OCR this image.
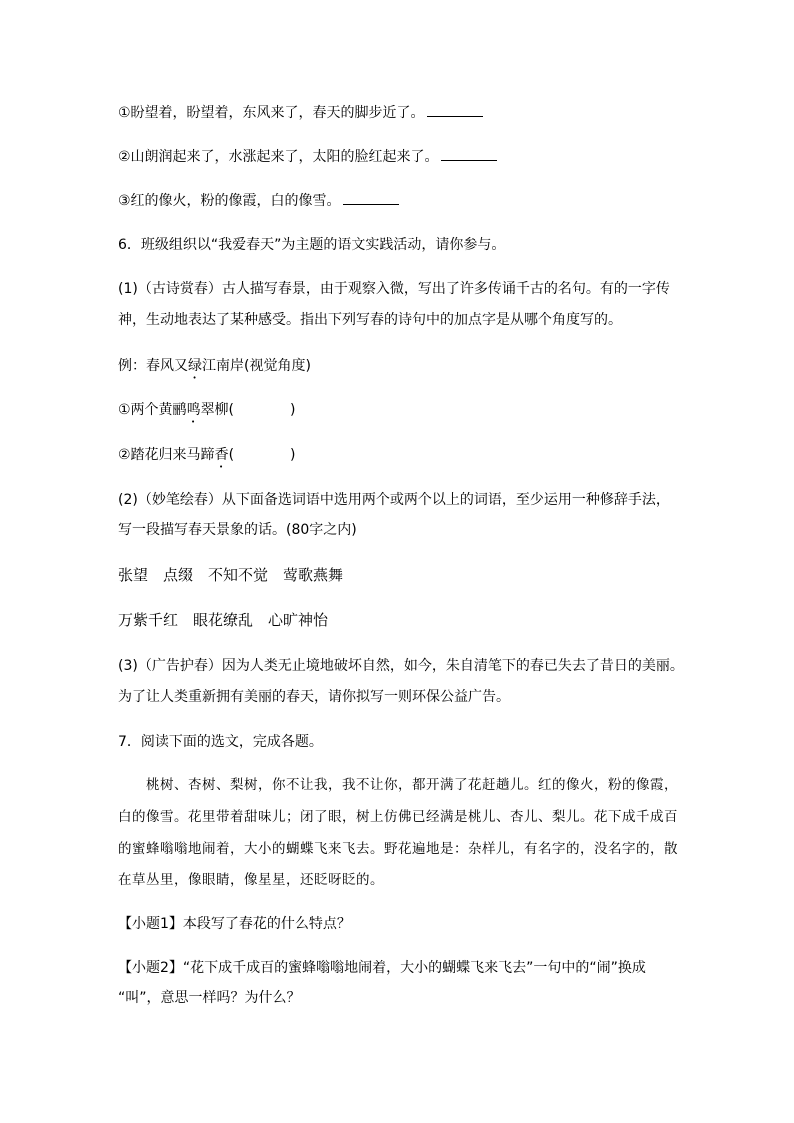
①盼望着，盼望着，东风来了，春天的脚步近了。
②山朗润起来了，水涨起来了，太阳的脸红起来了。
③红的像火，粉的像霞，白的像雪。
6．班级组织以“我爱春天”为主题的语文实践活动，请你参与。
(1)（古诗赏春）古人描写春景，由于观察入微，写出了许多传诵千古的名句。有的一字传
神，生动地表达了某种感受。指出下列写春的诗句中的加点字是从哪个角度写的。
例：春风又绿江南岸(视觉角度)
①两个黄鹂鸣翠柳(	)
②踏花归来马蹄香(	)
(2)（妙笔绘春）从下面备选词语中选用两个或两个以上的词语，至少运用一种修辞手法，
写一段描写春天景象的话。(80字之内)
张望　点缀　不知不觉　莺歌燕舞
万紫千红　眼花缭乱　心旷神怡
(3)（广告护春）因为人类无止境地破坏自然，如今，朱自清笔下的春已失去了昔日的美丽。
为了让人类重新拥有美丽的春天，请你拟写一则环保公益广告。
7．阅读下面的选文，完成各题。
　　桃树、杏树、梨树，你不让我，我不让你，都开满了花赶趟儿。红的像火，粉的像霞，
白的像雪。花里带着甜味儿；闭了眼，树上仿佛已经满是桃儿、杏儿、梨儿。花下成千成百
的蜜蜂嗡嗡地闹着，大小的蝴蝶飞来飞去。野花遍地是：杂样儿，有名字的，没名字的，散
在草丛里，像眼睛，像星星，还眨呀眨的。
【小题1】本段写了春花的什么特点？
【小题2】“花下成千成百的蜜蜂嗡嗡地闹着，大小的蝴蝶飞来飞去”一句中的“闹”换成
“叫”，意思一样吗？为什么？
